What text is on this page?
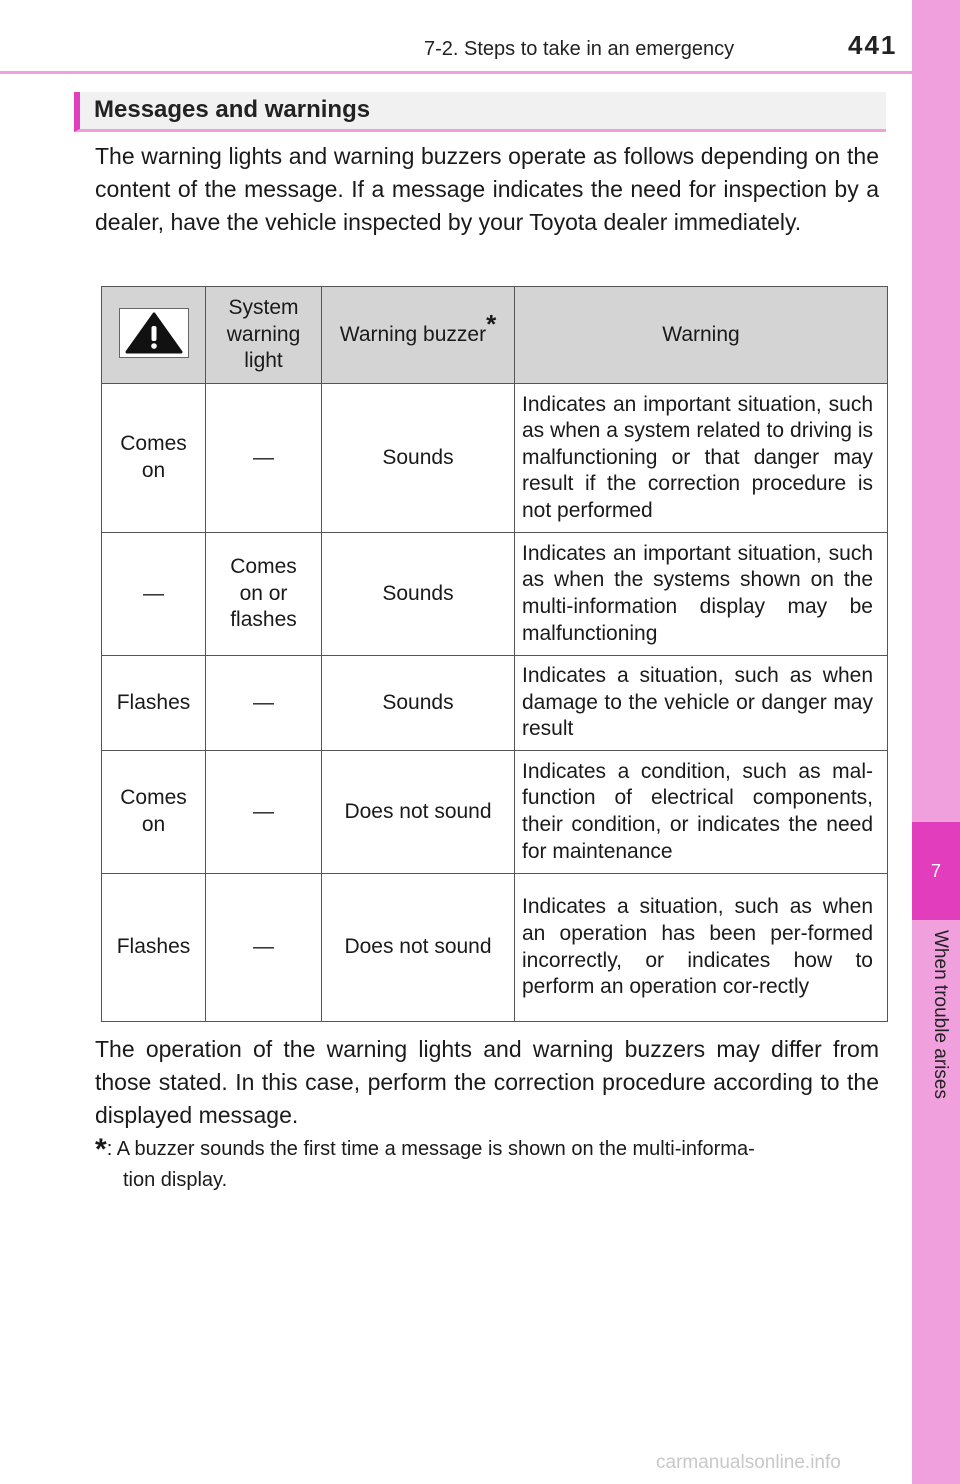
7
When trouble arises
7-2. Steps to take in an emergency	441
Messages and warnings

The warning lights and warning buzzers operate as follows depending on the content of the message. If a message indicates the need for inspection by a dealer, have the vehicle inspected by your Toyota dealer immediately.

	System warning light	Warning buzzer*	Warning
Comes on	—	Sounds	Indicates an important situation, such as when a system related to driving is malfunctioning or that danger may result if the correction procedure is not performed
—	Comes on or flashes	Sounds	Indicates an important situation, such as when the systems shown on the multi-information display may be malfunctioning
Flashes	—	Sounds	Indicates a situation, such as when damage to the vehicle or danger may result
Comes on	—	Does not sound	Indicates a condition, such as mal-function of electrical components, their condition, or indicates the need for maintenance
Flashes	—	Does not sound	Indicates a situation, such as when an operation has been per-formed incorrectly, or indicates how to perform an operation cor-rectly

The operation of the warning lights and warning buzzers may differ from those stated. In this case, perform the correction procedure according to the displayed message.

*: A buzzer sounds the first time a message is shown on the multi-informa-
tion display.

carmanualsonline.info
